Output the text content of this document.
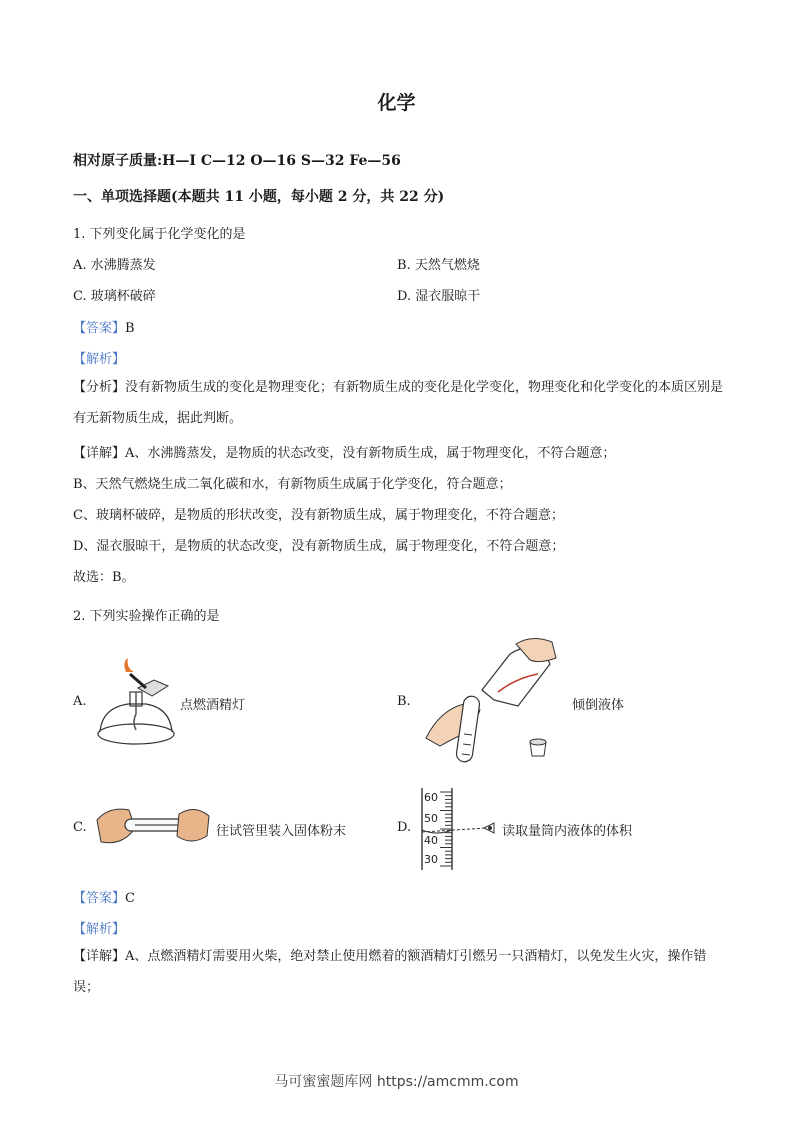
化学
相对原子质量:H—I C—12 O—16 S—32 Fe—56
一、单项选择题(本题共 11 小题，每小题 2 分，共 22 分)
1. 下列变化属于化学变化的是
A. 水沸腾蒸发	B. 天然气燃烧
C. 玻璃杯破碎	D. 湿衣服晾干
【答案】B
【解析】
【分析】没有新物质生成的变化是物理变化；有新物质生成的变化是化学变化，物理变化和化学变化的本质区别是有无新物质生成，据此判断。
【详解】A、水沸腾蒸发，是物质的状态改变，没有新物质生成，属于物理变化，不符合题意；
B、天然气燃烧生成二氧化碳和水，有新物质生成属于化学变化，符合题意；
C、玻璃杯破碎，是物质的形状改变，没有新物质生成，属于物理变化，不符合题意；
D、湿衣服晾干，是物质的状态改变，没有新物质生成，属于物理变化，不符合题意；
故选：B。
2. 下列实验操作正确的是
A.	点燃酒精灯	B.	倾倒液体
C.	往试管里装入固体粉末	D.
60
50
40
30
读取量筒内液体的体积
【答案】C
【解析】
【详解】A、点燃酒精灯需要用火柴，绝对禁止使用燃着的额酒精灯引燃另一只酒精灯，以免发生火灾，操作错误；
马可蜜蜜题库网 https://amcmm.com
